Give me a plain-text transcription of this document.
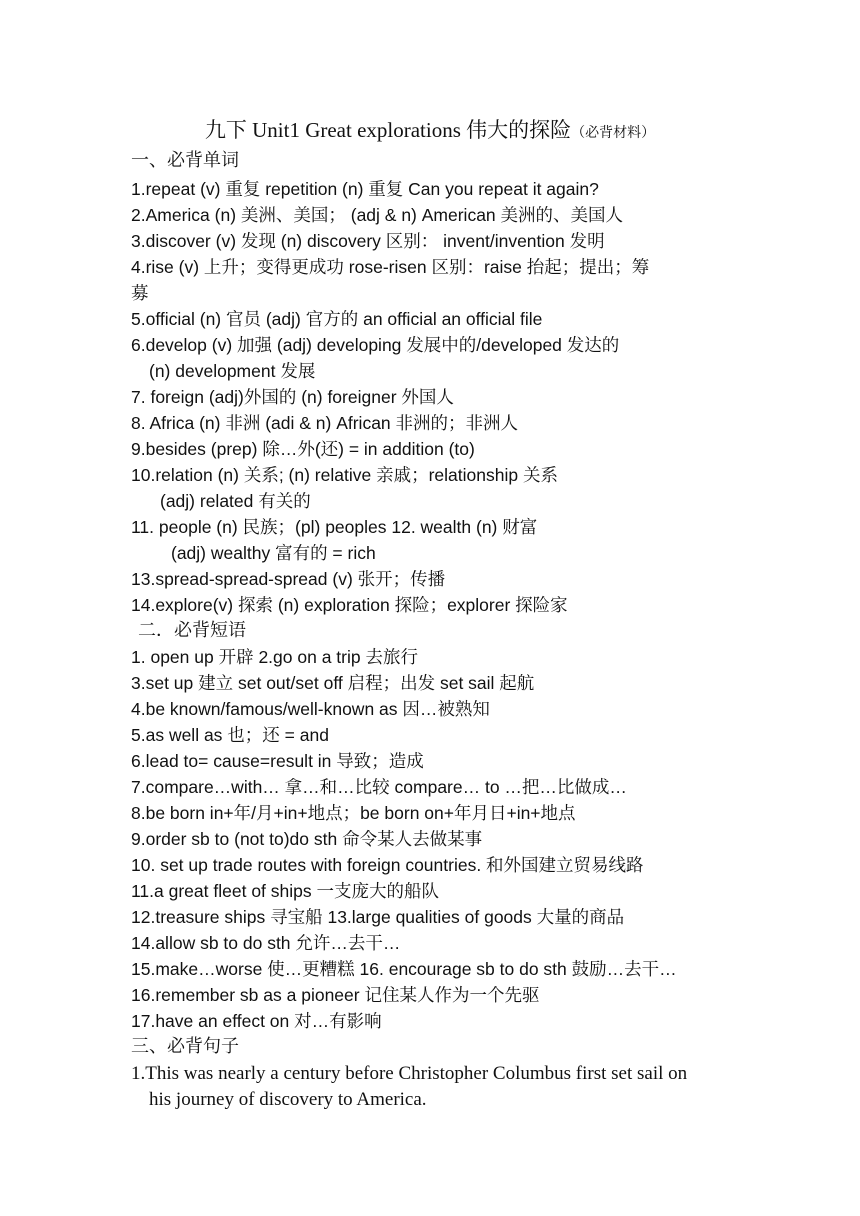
九下 Unit1 Great explorations 伟大的探险（必背材料）
一、必背单词
1.repeat (v) 重复 repetition (n) 重复 Can you repeat it again?
2.America (n) 美洲、美国； (adj & n) American 美洲的、美国人
3.discover (v) 发现 (n) discovery 区别： invent/invention 发明
4.rise (v) 上升；变得更成功 rose-risen 区别：raise 抬起；提出；筹
募
5.official (n) 官员 (adj) 官方的 an official an official file
6.develop (v) 加强 (adj) developing 发展中的/developed 发达的
(n) development 发展
7. foreign (adj)外国的 (n) foreigner 外国人
8. Africa (n) 非洲 (adi & n) African 非洲的；非洲人
9.besides (prep) 除…外(还) = in addition (to)
10.relation (n) 关系; (n) relative 亲戚；relationship 关系
(adj) related 有关的
11. people (n) 民族；(pl) peoples 12. wealth (n) 财富
(adj) wealthy 富有的 = rich
13.spread-spread-spread (v) 张开；传播
14.explore(v) 探索 (n) exploration 探险；explorer 探险家
二．必背短语
1. open up 开辟 2.go on a trip 去旅行
3.set up 建立 set out/set off 启程；出发 set sail 起航
4.be known/famous/well-known as 因…被熟知
5.as well as 也；还 = and
6.lead to= cause=result in 导致；造成
7.compare…with… 拿…和…比较 compare… to …把…比做成…
8.be born in+年/月+in+地点；be born on+年月日+in+地点
9.order sb to (not to)do sth 命令某人去做某事
10. set up trade routes with foreign countries. 和外国建立贸易线路
11.a great fleet of ships 一支庞大的船队
12.treasure ships 寻宝船 13.large qualities of goods 大量的商品
14.allow sb to do sth 允许…去干…
15.make…worse 使…更糟糕 16. encourage sb to do sth 鼓励…去干…
16.remember sb as a pioneer 记住某人作为一个先驱
17.have an effect on 对…有影响
三、必背句子
1.This was nearly a century before Christopher Columbus first set sail on
his journey of discovery to America.
